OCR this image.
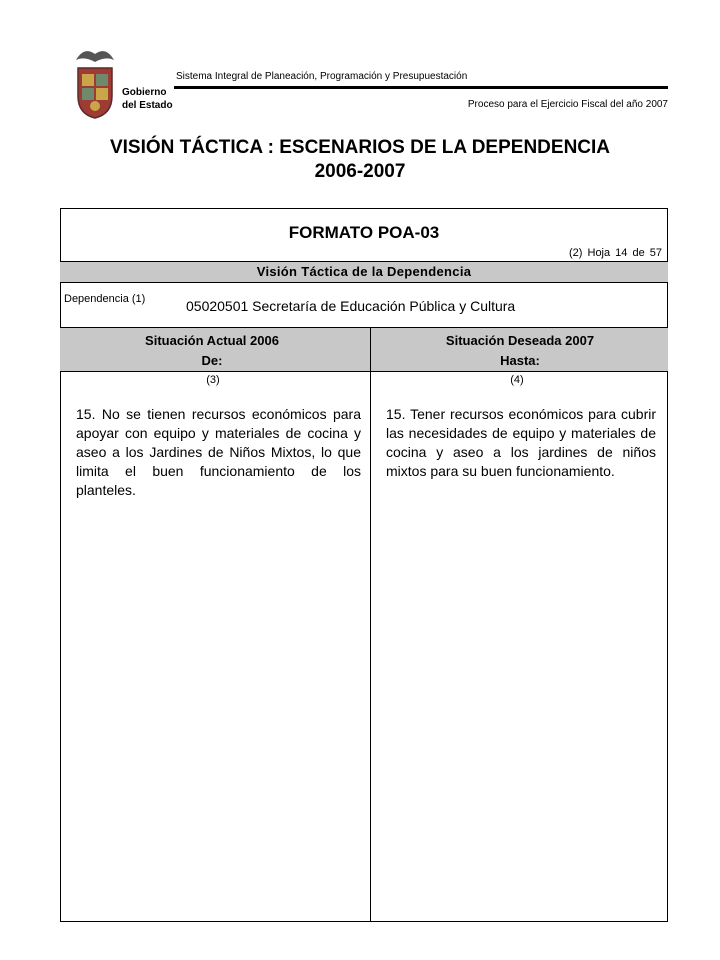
Gobierno
del Estado
Sistema Integral de Planeación, Programación y Presupuestación
Proceso para el Ejercicio Fiscal del año 2007
VISIÓN TÁCTICA : ESCENARIOS DE LA DEPENDENCIA
2006-2007
FORMATO POA-03
(2) Hoja 14 de 57
Visión Táctica de la Dependencia
Dependencia (1)	05020501 Secretaría de Educación Pública y Cultura
Situación Actual 2006
De:
Situación Deseada 2007
Hasta:
(3)	(4)
15. No se tienen recursos económicos para apoyar con equipo y materiales de cocina y aseo a los Jardines de Niños Mixtos, lo que limita el buen funcionamiento de los planteles.
15. Tener recursos económicos para cubrir las necesidades de equipo y materiales de cocina y aseo a los jardines de niños mixtos para su buen funcionamiento.
